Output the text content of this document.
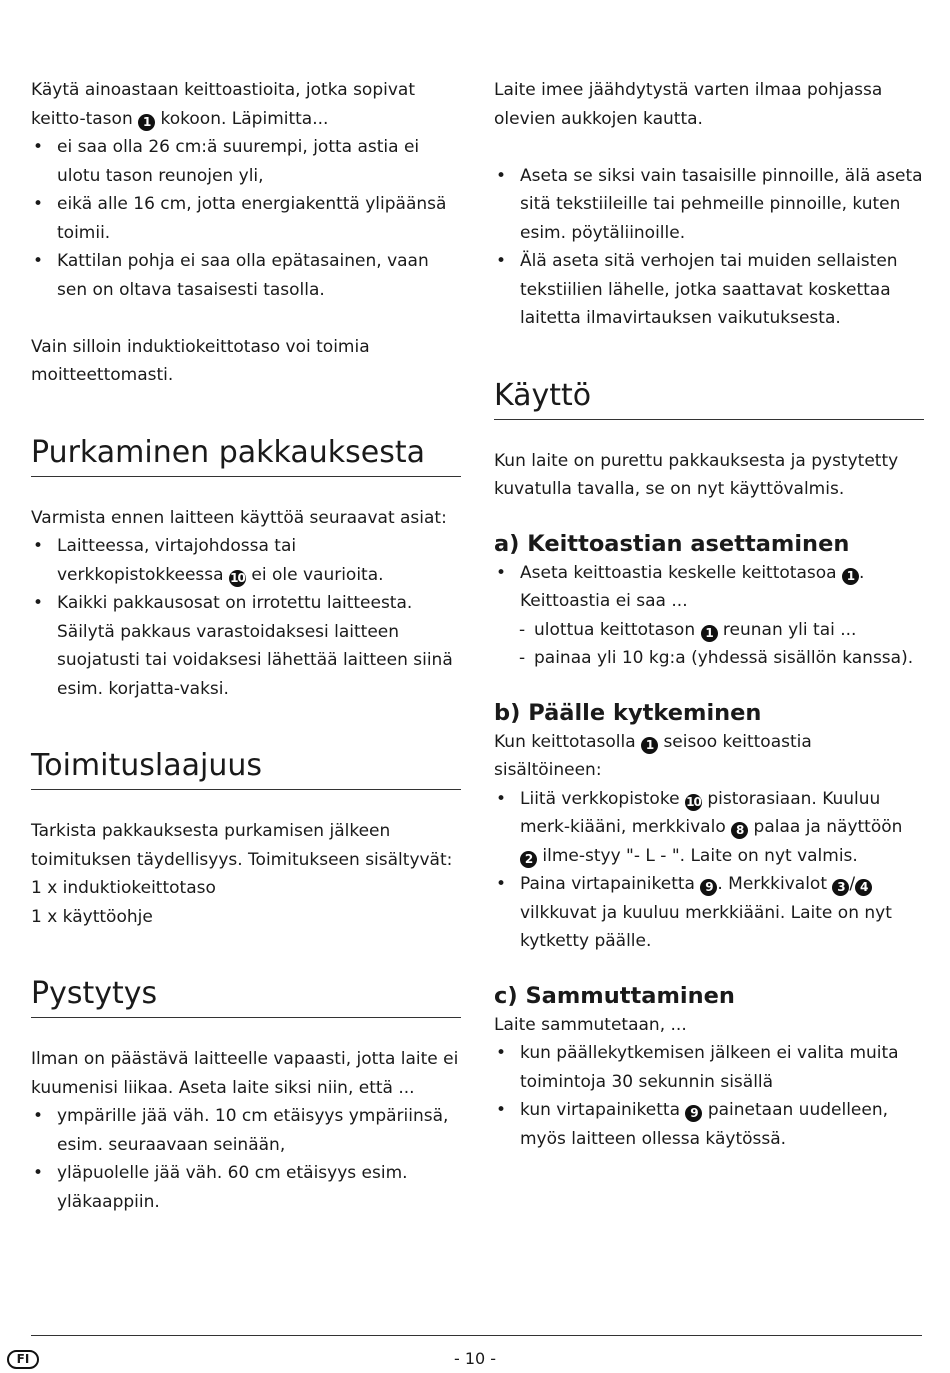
Käytä ainoastaan keittoastioita, jotka sopivat keitto-tason 1 kokoon. Läpimitta...

• ei saa olla 26 cm:ä suurempi, jotta astia ei ulotu tason reunojen yli,
• eikä alle 16 cm, jotta energiakenttä ylipäänsä toimii.
• Kattilan pohja ei saa olla epätasainen, vaan sen on oltava tasaisesti tasolla.

Vain silloin induktiokeittotaso voi toimia moitteettomasti.

Purkaminen pakkauksesta

Varmista ennen laitteen käyttöä seuraavat asiat:

• Laitteessa, virtajohdossa tai verkkopistokkeessa 10 ei ole vaurioita.
• Kaikki pakkausosat on irrotettu laitteesta. Säilytä pakkaus varastoidaksesi laitteen suojatusti tai voidaksesi lähettää laitteen siinä esim. korjatta-vaksi.
Toimituslaajuus

Tarkista pakkauksesta purkamisen jälkeen toimituksen täydellisyys. Toimitukseen sisältyvät:

1 x induktiokeittotaso

1 x käyttöohje

Pystytys

Ilman on päästävä laitteelle vapaasti, jotta laite ei kuumenisi liikaa. Aseta laite siksi niin, että ...

• ympärille jää väh. 10 cm etäisyys ympäriinsä, esim. seuraavaan seinään,
• yläpuolelle jää väh. 60 cm etäisyys esim. yläkaappiin.

Laite imee jäähdytystä varten ilmaa pohjassa olevien aukkojen kautta.

• Aseta se siksi vain tasaisille pinnoille, älä aseta sitä tekstiileille tai pehmeille pinnoille, kuten esim. pöytäliinoille.
• Älä aseta sitä verhojen tai muiden sellaisten tekstiilien lähelle, jotka saattavat koskettaa laitetta ilmavirtauksen vaikutuksesta.
Käyttö

Kun laite on purettu pakkauksesta ja pystytetty kuvatulla tavalla, se on nyt käyttövalmis.

a) Keittoastian asettaminen
• Aseta keittoastia keskelle keittotasoa 1 . Keittoastia ei saa ...
- ulottua keittotason 1 reunan yli tai ...
- painaa yli 10 kg:a (yhdessä sisällön kanssa).
b) Päälle kytkeminen

Kun keittotasolla 1 seisoo keittoastia sisältöineen:

• Liitä verkkopistoke 10 pistorasiaan. Kuuluu merk-kiääni, merkkivalo 8 palaa ja näyttöön 2 ilme-styy "- L - ". Laite on nyt valmis.
• Paina virtapainiketta 9 . Merkkivalot 3 / 4 vilkkuvat ja kuuluu merkkiääni. Laite on nyt kytketty päälle.
c) Sammuttaminen

Laite sammutetaan, ...

• kun päällekytkemisen jälkeen ei valita muita toimintoja 30 sekunnin sisällä
• kun virtapainiketta 9 painetaan uudelleen, myös laitteen ollessa käytössä.
FI	- 10 -
